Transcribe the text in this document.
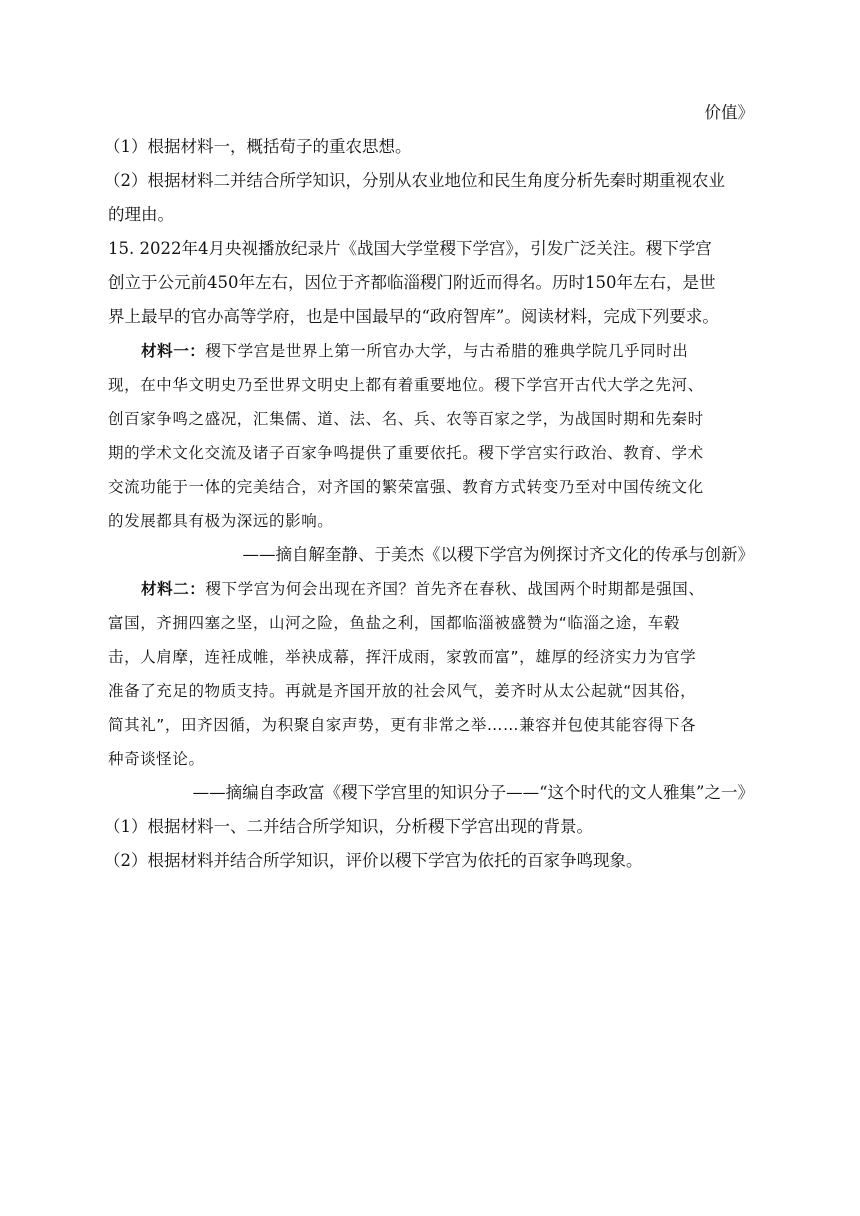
价值》

（1）根据材料一，概括荀子的重农思想。

（2）根据材料二并结合所学知识，分别从农业地位和民生角度分析先秦时期重视农业

的理由。

15. 2022年4月央视播放纪录片《战国大学堂稷下学宫》，引发广泛关注。稷下学宫

创立于公元前450年左右，因位于齐都临淄稷门附近而得名。历时150年左右，是世

界上最早的官办高等学府，也是中国最早的“政府智库”。阅读材料，完成下列要求。

材料一：稷下学宫是世界上第一所官办大学，与古希腊的雅典学院几乎同时出

现，在中华文明史乃至世界文明史上都有着重要地位。稷下学宫开古代大学之先河、

创百家争鸣之盛况，汇集儒、道、法、名、兵、农等百家之学，为战国时期和先秦时

期的学术文化交流及诸子百家争鸣提供了重要依托。稷下学宫实行政治、教育、学术

交流功能于一体的完美结合，对齐国的繁荣富强、教育方式转变乃至对中国传统文化

的发展都具有极为深远的影响。

——摘自解奎静、于美杰《以稷下学宫为例探讨齐文化的传承与创新》

材料二：稷下学宫为何会出现在齐国？首先齐在春秋、战国两个时期都是强国、

富国，齐拥四塞之坚，山河之险，鱼盐之利，国都临淄被盛赞为“临淄之途，车毂

击，人肩摩，连衽成帷，举袂成幕，挥汗成雨，家敦而富”，雄厚的经济实力为官学

准备了充足的物质支持。再就是齐国开放的社会风气，姜齐时从太公起就“因其俗，

简其礼”，田齐因循，为积聚自家声势，更有非常之举……兼容并包使其能容得下各

种奇谈怪论。

——摘编自李政富《稷下学宫里的知识分子——“这个时代的文人雅集”之一》

（1）根据材料一、二并结合所学知识，分析稷下学宫出现的背景。

（2）根据材料并结合所学知识，评价以稷下学宫为依托的百家争鸣现象。
